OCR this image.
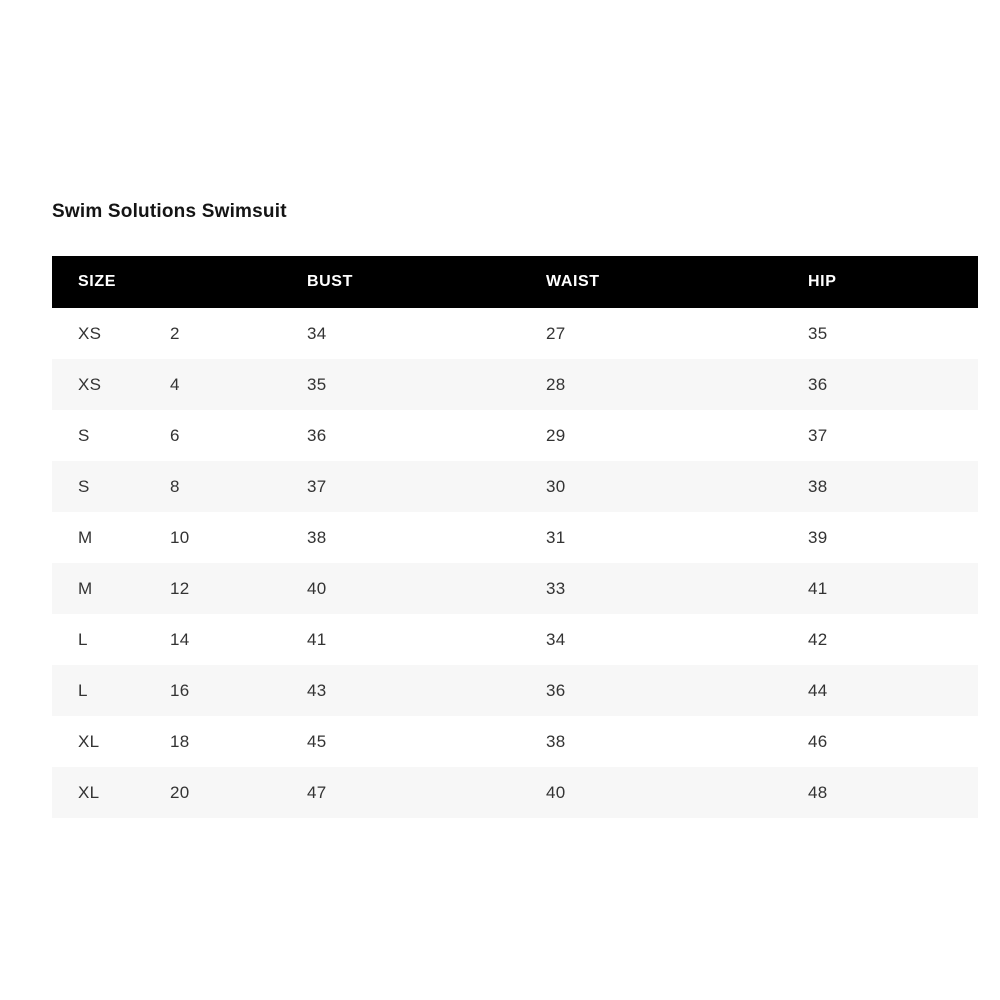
Swim Solutions Swimsuit
SIZE		BUST	WAIST	HIP
XS	2	34	27	35
XS	4	35	28	36
S	6	36	29	37
S	8	37	30	38
M	10	38	31	39
M	12	40	33	41
L	14	41	34	42
L	16	43	36	44
XL	18	45	38	46
XL	20	47	40	48
